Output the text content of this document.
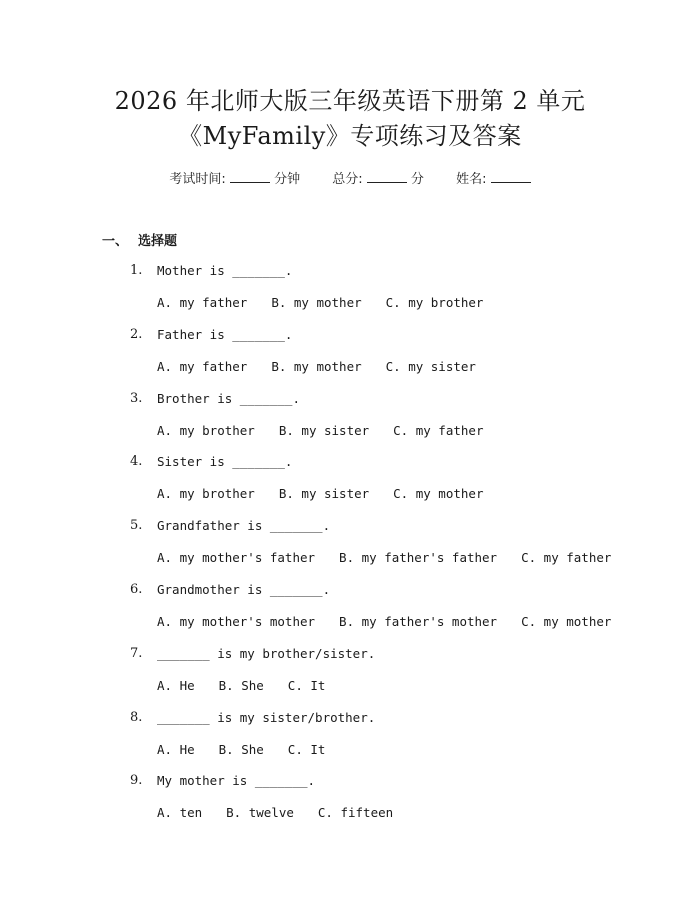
2026 年北师大版三年级英语下册第 2 单元
《MyFamily》专项练习及答案
考试时间:	分钟 总分:	分 姓名:
一、 选择题
1.	Mother is _______.
A. my father B. my mother C. my brother
2.	Father is _______.
A. my father B. my mother C. my sister
3.	Brother is _______.
A. my brother B. my sister C. my father
4.	Sister is _______.
A. my brother B. my sister C. my mother
5.	Grandfather is _______.
A. my mother's father B. my father's father C. my father
6.	Grandmother is _______.
A. my mother's mother B. my father's mother C. my mother
7.	_______ is my brother/sister.
A. He B. She C. It
8.	_______ is my sister/brother.
A. He B. She C. It
9.	My mother is _______.
A. ten B. twelve C. fifteen
